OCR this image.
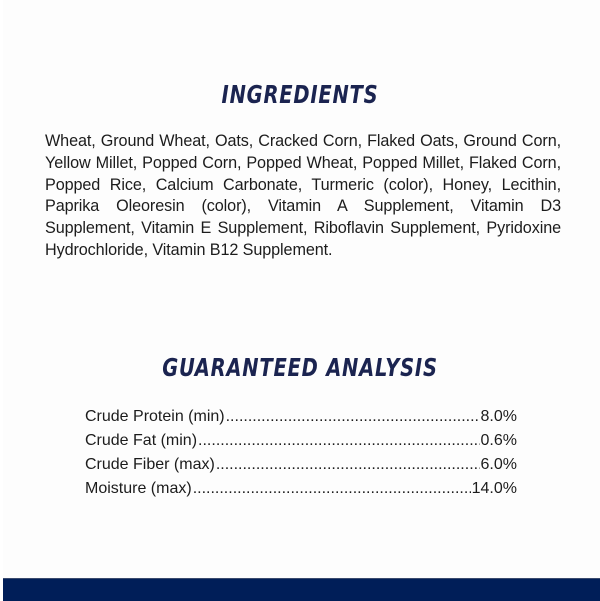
INGREDIENTS
Wheat, Ground Wheat, Oats, Cracked Corn, Flaked Oats, Ground Corn, Yellow Millet, Popped Corn, Popped Wheat, Popped Millet, Flaked Corn, Popped Rice, Calcium Carbonate, Turmeric (color), Honey, Lecithin, Paprika Oleoresin (color), Vitamin A Supplement, Vitamin D3 Supplement, Vitamin E Supplement, Riboflavin Supplement, Pyridoxine Hydrochloride, Vitamin B12 Supplement.
GUARANTEED ANALYSIS
Crude Protein (min) .....	8.0%
Crude Fat (min) .....	0.6%
Crude Fiber (max) .....	6.0%
Moisture (max) .....	14.0%
